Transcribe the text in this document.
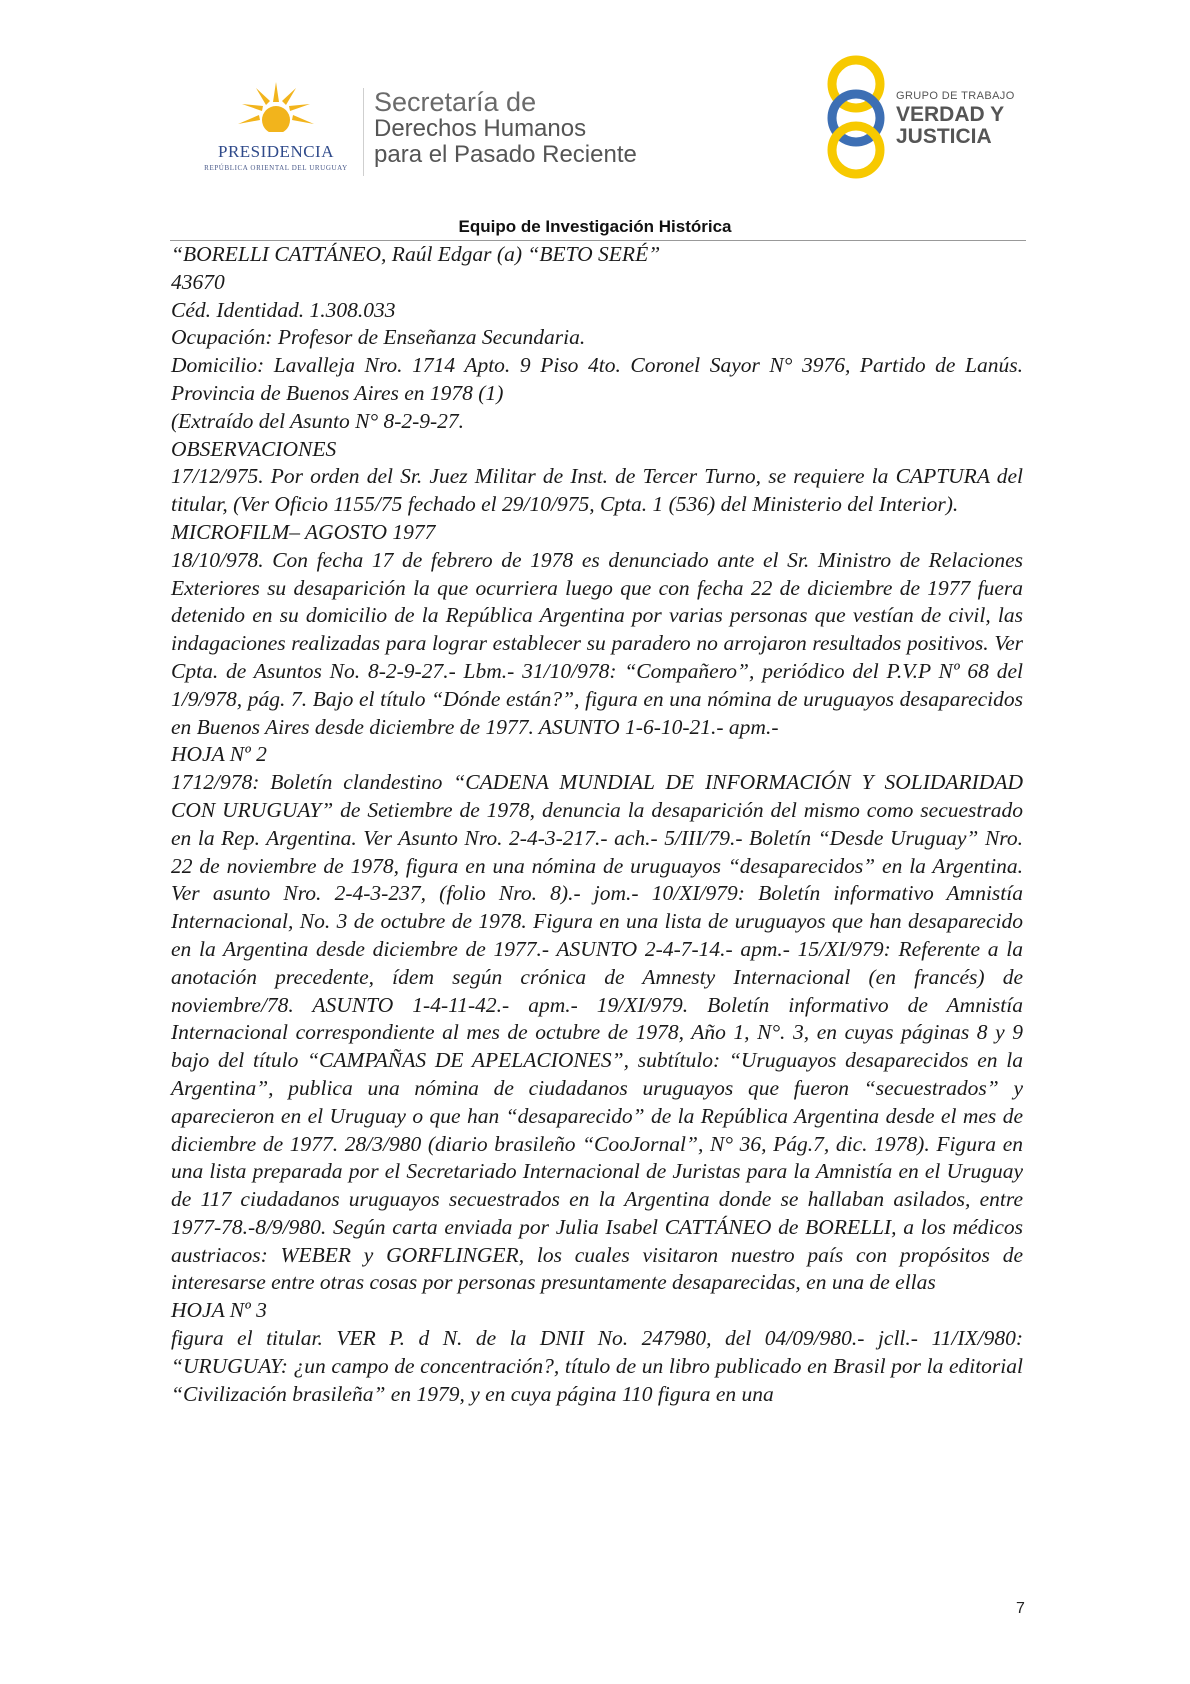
PRESIDENCIA
REPÚBLICA ORIENTAL DEL URUGUAY
Secretaría de
Derechos Humanos
para el Pasado Reciente
GRUPO DE TRABAJO
VERDAD Y
JUSTICIA
Equipo de Investigación Histórica

“BORELLI CATTÁNEO, Raúl Edgar (a) “BETO SERÉ”

43670

Céd. Identidad. 1.308.033

Ocupación: Profesor de Enseñanza Secundaria.

Domicilio: Lavalleja Nro. 1714 Apto. 9 Piso 4to. Coronel Sayor N° 3976, Partido de Lanús. Provincia de Buenos Aires en 1978 (1)

(Extraído del Asunto N° 8-2-9-27.

OBSERVACIONES

17/12/975. Por orden del Sr. Juez Militar de Inst. de Tercer Turno, se requiere la CAPTURA del titular, (Ver Oficio 1155/75 fechado el 29/10/975, Cpta. 1 (536) del Ministerio del Interior).

MICROFILM– AGOSTO 1977

18/10/978. Con fecha 17 de febrero de 1978 es denunciado ante el Sr. Ministro de Relaciones Exteriores su desaparición la que ocurriera luego que con fecha 22 de diciembre de 1977 fuera detenido en su domicilio de la República Argentina por varias personas que vestían de civil, las indagaciones realizadas para lograr establecer su paradero no arrojaron resultados positivos. Ver Cpta. de Asuntos No. 8-2-9-27.- Lbm.- 31/10/978: “Compañero”, periódico del P.V.P Nº 68 del 1/9/978, pág. 7. Bajo el título “Dónde están?”, figura en una nómina de uruguayos desaparecidos en Buenos Aires desde diciembre de 1977. ASUNTO 1-6-10-21.- apm.-

HOJA Nº 2

1712/978: Boletín clandestino “CADENA MUNDIAL DE INFORMACIÓN Y SOLIDARIDAD CON URUGUAY” de Setiembre de 1978, denuncia la desaparición del mismo como secuestrado en la Rep. Argentina. Ver Asunto Nro. 2-4-3-217.- ach.- 5/III/79.- Boletín “Desde Uruguay” Nro. 22 de noviembre de 1978, figura en una nómina de uruguayos “desaparecidos” en la Argentina. Ver asunto Nro. 2-4-3-237, (folio Nro. 8).- jom.- 10/XI/979: Boletín informativo Amnistía Internacional, No. 3 de octubre de 1978. Figura en una lista de uruguayos que han desaparecido en la Argentina desde diciembre de 1977.- ASUNTO 2-4-7-14.- apm.- 15/XI/979: Referente a la anotación precedente, ídem según crónica de Amnesty Internacional (en francés) de noviembre/78. ASUNTO 1-4-11-42.- apm.- 19/XI/979. Boletín informativo de Amnistía Internacional correspondiente al mes de octubre de 1978, Año 1, N°. 3, en cuyas páginas 8 y 9 bajo del título “CAMPAÑAS DE APELACIONES”, subtítulo: “Uruguayos desaparecidos en la Argentina”, publica una nómina de ciudadanos uruguayos que fueron “secuestrados” y aparecieron en el Uruguay o que han “desaparecido” de la República Argentina desde el mes de diciembre de 1977. 28/3/980 (diario brasileño “CooJornal”, N° 36, Pág.7, dic. 1978). Figura en una lista preparada por el Secretariado Internacional de Juristas para la Amnistía en el Uruguay de 117 ciudadanos uruguayos secuestrados en la Argentina donde se hallaban asilados, entre 1977-78.-8/9/980. Según carta enviada por Julia Isabel CATTÁNEO de BORELLI, a los médicos austriacos: WEBER y GORFLINGER, los cuales visitaron nuestro país con propósitos de interesarse entre otras cosas por personas presuntamente desaparecidas, en una de ellas

HOJA Nº 3

figura el titular. VER P. d N. de la DNII No. 247980, del 04/09/980.- jcll.- 11/IX/980: “URUGUAY: ¿un campo de concentración?, título de un libro publicado en Brasil por la editorial “Civilización brasileña” en 1979, y en cuya página 110 figura en una

7
